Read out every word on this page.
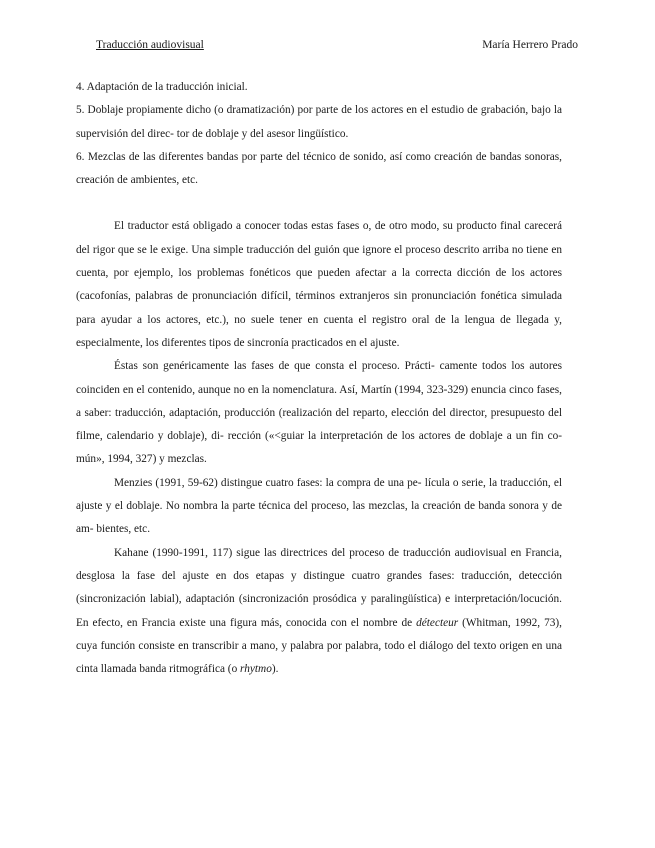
Traducción audiovisual	María Herrero Prado

4. Adaptación de la traducción inicial.

5. Doblaje propiamente dicho (o dramatización) por parte de los actores en el estudio de grabación, bajo la supervisión del direc- tor de doblaje y del asesor lingüístico.

6. Mezclas de las diferentes bandas por parte del técnico de sonido, así como creación de bandas sonoras, creación de ambientes, etc.

El traductor está obligado a conocer todas estas fases o, de otro modo, su producto final carecerá del rigor que se le exige. Una simple traducción del guión que ignore el proceso descrito arriba no tiene en cuenta, por ejemplo, los problemas fonéticos que pueden afectar a la correcta dicción de los actores (cacofonías, palabras de pronunciación difícil, términos extranjeros sin pronunciación fonética simulada para ayudar a los actores, etc.), no suele tener en cuenta el registro oral de la lengua de llegada y, especialmente, los diferentes tipos de sincronía practicados en el ajuste.

Éstas son genéricamente las fases de que consta el proceso. Prácti- camente todos los autores coinciden en el contenido, aunque no en la nomenclatura. Así, Martín (1994, 323-329) enuncia cinco fases, a saber: traducción, adaptación, producción (realización del reparto, elección del director, presupuesto del filme, calendario y doblaje), di- rección («<guiar la interpretación de los actores de doblaje a un fin co- mún», 1994, 327) y mezclas.

Menzies (1991, 59-62) distingue cuatro fases: la compra de una pe- lícula o serie, la traducción, el ajuste y el doblaje. No nombra la parte técnica del proceso, las mezclas, la creación de banda sonora y de am- bientes, etc.

Kahane (1990-1991, 117) sigue las directrices del proceso de traducción audiovisual en Francia, desglosa la fase del ajuste en dos etapas y distingue cuatro grandes fases: traducción, detección (sincronización labial), adaptación (sincronización prosódica y paralingüística) e interpretación/locución. En efecto, en Francia existe una figura más, conocida con el nombre de détecteur (Whitman, 1992, 73), cuya función consiste en transcribir a mano, y palabra por palabra, todo el diálogo del texto origen en una cinta llamada banda ritmográfica (o rhytmo).
